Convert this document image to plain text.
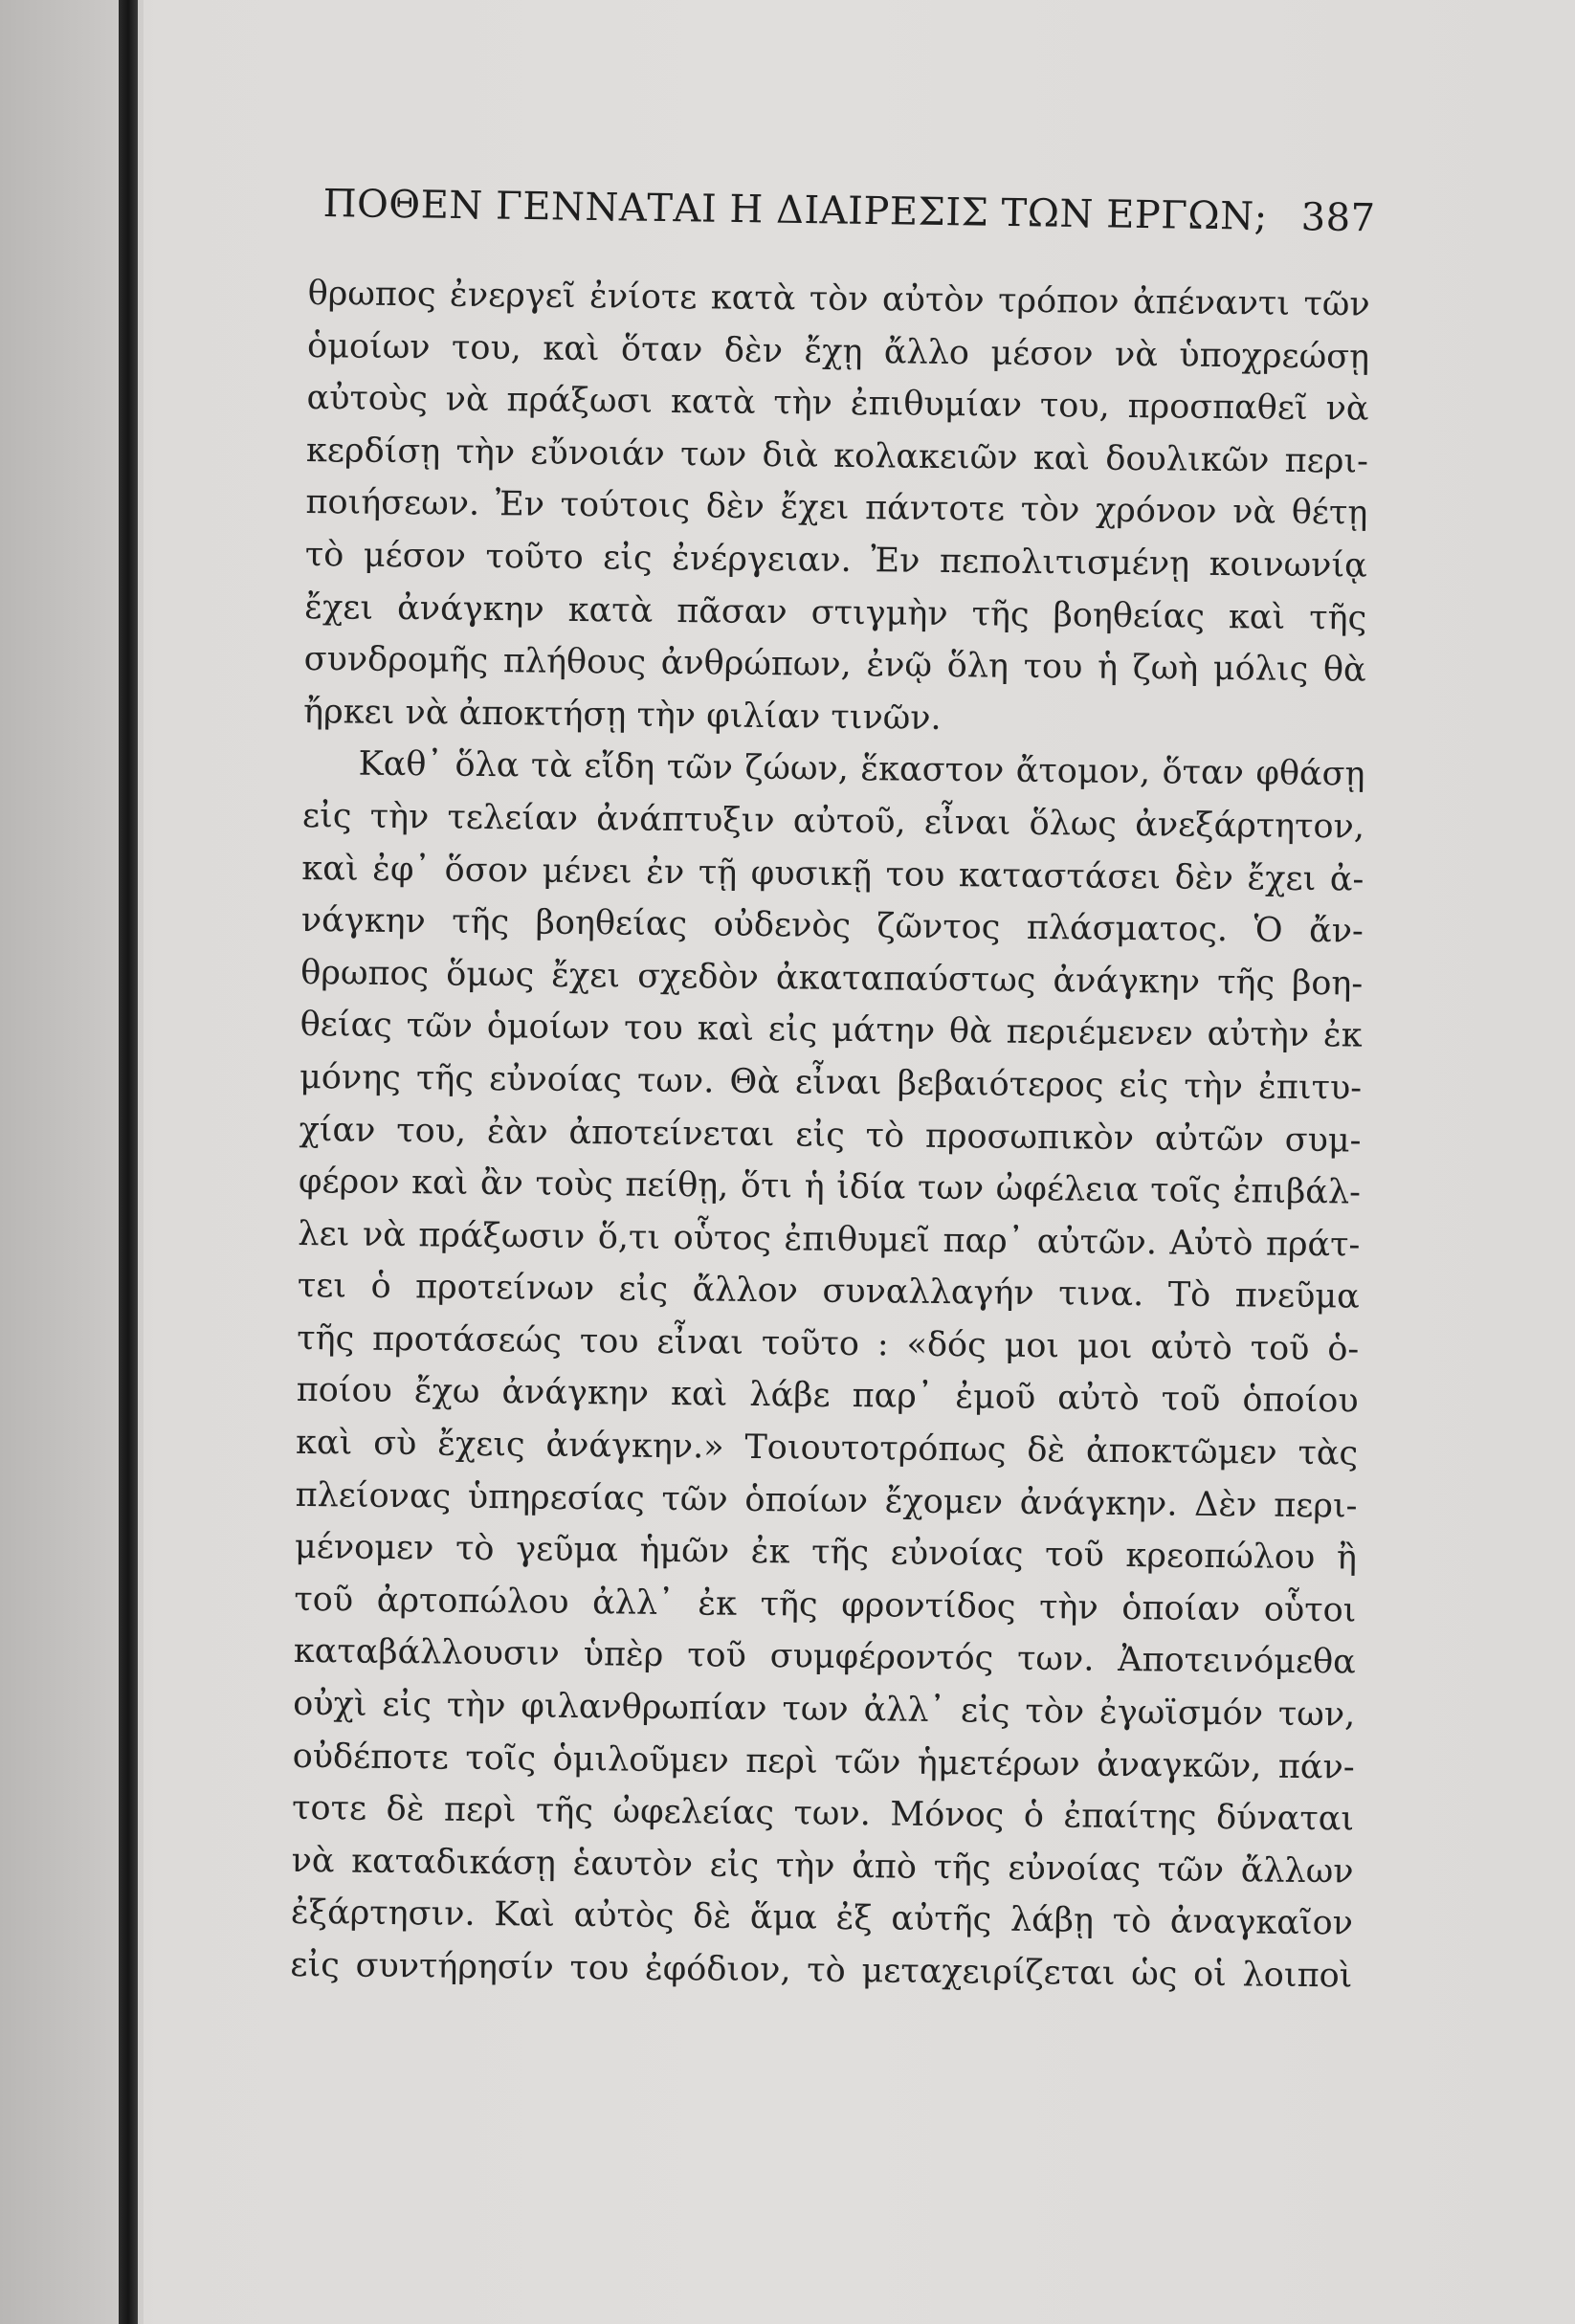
ΠΟΘΕΝ ΓΕΝΝΑΤΑΙ Η ΔΙΑΙΡΕΣΙΣ ΤΩΝ ΕΡΓΩΝ; 387
θρωπος ἐνεργεῖ ἐνίοτε κατὰ τὸν αὐτὸν τρόπον ἀπέναντι τῶν
ὁμοίων του, καὶ ὅταν δὲν ἔχῃ ἄλλο μέσον νὰ ὑποχρεώσῃ
αὐτοὺς νὰ πράξωσι κατὰ τὴν ἐπιθυμίαν του, προσπαθεῖ νὰ
κερδίσῃ τὴν εὔνοιάν των διὰ κολακειῶν καὶ δουλικῶν περι-
ποιήσεων. Ἐν τούτοις δὲν ἔχει πάντοτε τὸν χρόνον νὰ θέτῃ
τὸ μέσον τοῦτο εἰς ἐνέργειαν. Ἐν πεπολιτισμένῃ κοινωνίᾳ
ἔχει ἀνάγκην κατὰ πᾶσαν στιγμὴν τῆς βοηθείας καὶ τῆς
συνδρομῆς πλήθους ἀνθρώπων, ἐνῷ ὅλη του ἡ ζωὴ μόλις θὰ
ἤρκει νὰ ἀποκτήσῃ τὴν φιλίαν τινῶν.
Καθ᾿ ὅλα τὰ εἴδη τῶν ζώων, ἕκαστον ἄτομον, ὅταν φθάσῃ
εἰς τὴν τελείαν ἀνάπτυξιν αὐτοῦ, εἶναι ὅλως ἀνεξάρτητον,
καὶ ἐφ᾿ ὅσον μένει ἐν τῇ φυσικῇ του καταστάσει δὲν ἔχει ἀ-
νάγκην τῆς βοηθείας οὐδενὸς ζῶντος πλάσματος. Ὁ ἄν-
θρωπος ὅμως ἔχει σχεδὸν ἀκαταπαύστως ἀνάγκην τῆς βοη-
θείας τῶν ὁμοίων του καὶ εἰς μάτην θὰ περιέμενεν αὐτὴν ἐκ
μόνης τῆς εὐνοίας των. Θὰ εἶναι βεβαιότερος εἰς τὴν ἐπιτυ-
χίαν του, ἐὰν ἀποτείνεται εἰς τὸ προσωπικὸν αὐτῶν συμ-
φέρον καὶ ἂν τοὺς πείθῃ, ὅτι ἡ ἰδία των ὠφέλεια τοῖς ἐπιβάλ-
λει νὰ πράξωσιν ὅ,τι οὗτος ἐπιθυμεῖ παρ᾿ αὐτῶν. Αὐτὸ πράτ-
τει ὁ προτείνων εἰς ἄλλον συναλλαγήν τινα. Τὸ πνεῦμα
τῆς προτάσεώς του εἶναι τοῦτο : «δός μοι μοι αὐτὸ τοῦ ὁ-
ποίου ἔχω ἀνάγκην καὶ λάβε παρ᾿ ἐμοῦ αὐτὸ τοῦ ὁποίου
καὶ σὺ ἔχεις ἀνάγκην.» Τοιουτοτρόπως δὲ ἀποκτῶμεν τὰς
πλείονας ὑπηρεσίας τῶν ὁποίων ἔχομεν ἀνάγκην. Δὲν περι-
μένομεν τὸ γεῦμα ἡμῶν ἐκ τῆς εὐνοίας τοῦ κρεοπώλου ἢ
τοῦ ἀρτοπώλου ἀλλ᾿ ἐκ τῆς φροντίδος τὴν ὁποίαν οὗτοι
καταβάλλουσιν ὑπὲρ τοῦ συμφέροντός των. Ἀποτεινόμεθα
οὐχὶ εἰς τὴν φιλανθρωπίαν των ἀλλ᾿ εἰς τὸν ἐγωϊσμόν των,
οὐδέποτε τοῖς ὁμιλοῦμεν περὶ τῶν ἡμετέρων ἀναγκῶν, πάν-
τοτε δὲ περὶ τῆς ὠφελείας των. Μόνος ὁ ἐπαίτης δύναται
νὰ καταδικάσῃ ἑαυτὸν εἰς τὴν ἀπὸ τῆς εὐνοίας τῶν ἄλλων
ἐξάρτησιν. Καὶ αὐτὸς δὲ ἅμα ἐξ αὐτῆς λάβῃ τὸ ἀναγκαῖον
εἰς συντήρησίν του ἐφόδιον, τὸ μεταχειρίζεται ὡς οἱ λοιποὶ
